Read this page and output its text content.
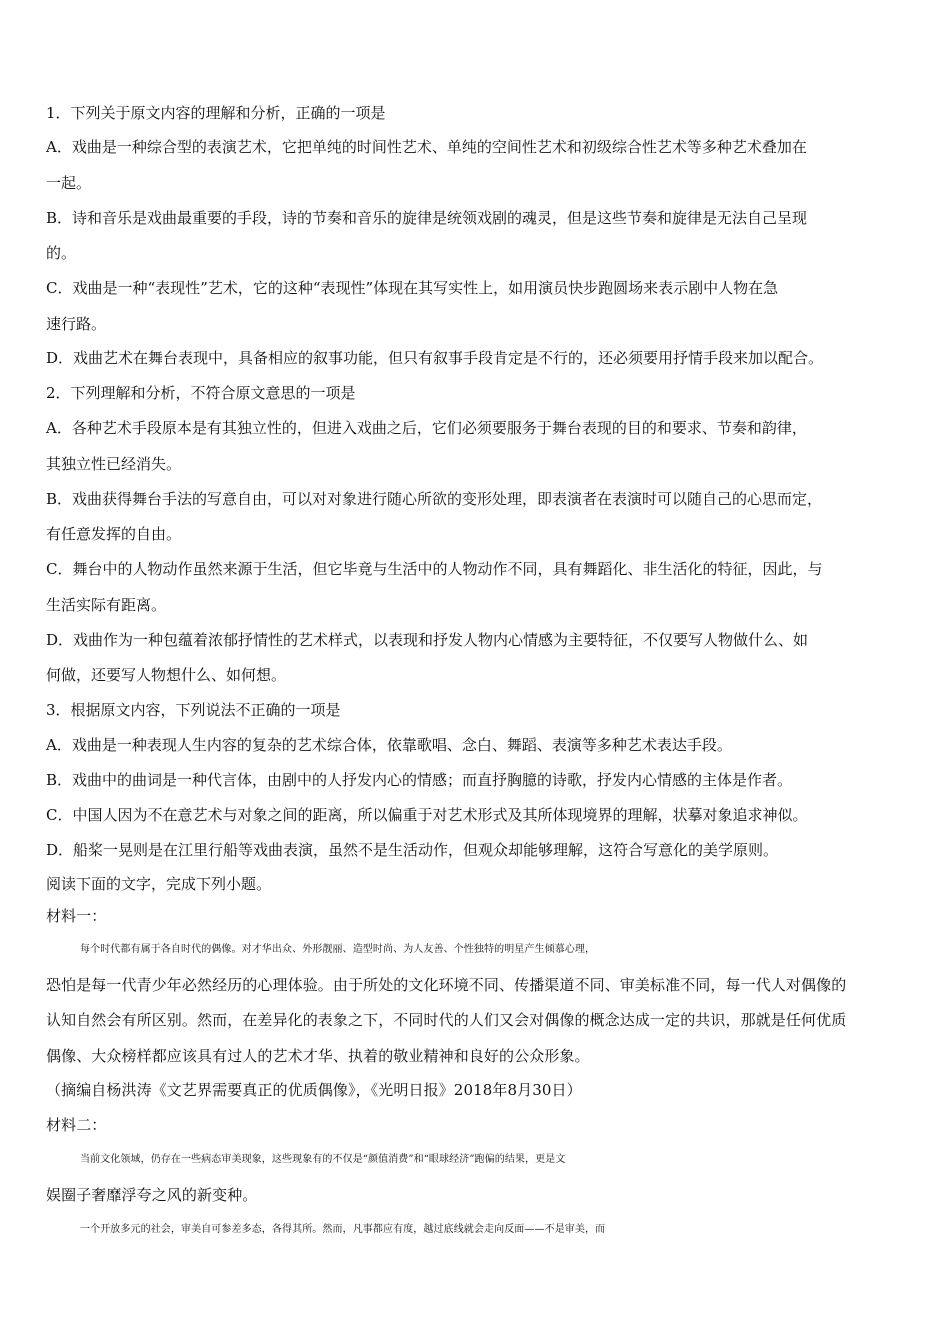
1．下列关于原文内容的理解和分析，正确的一项是
A．戏曲是一种综合型的表演艺术，它把单纯的时间性艺术、单纯的空间性艺术和初级综合性艺术等多种艺术叠加在
一起。
B．诗和音乐是戏曲最重要的手段，诗的节奏和音乐的旋律是统领戏剧的魂灵，但是这些节奏和旋律是无法自己呈现
的。
C．戏曲是一种“表现性”艺术，它的这种“表现性”体现在其写实性上，如用演员快步跑圆场来表示剧中人物在急
速行路。
D．戏曲艺术在舞台表现中，具备相应的叙事功能，但只有叙事手段肯定是不行的，还必须要用抒情手段来加以配合。
2．下列理解和分析，不符合原文意思的一项是
A．各种艺术手段原本是有其独立性的，但进入戏曲之后，它们必须要服务于舞台表现的目的和要求、节奏和韵律，
其独立性已经消失。
B．戏曲获得舞台手法的写意自由，可以对对象进行随心所欲的变形处理，即表演者在表演时可以随自己的心思而定，
有任意发挥的自由。
C．舞台中的人物动作虽然来源于生活，但它毕竟与生活中的人物动作不同，具有舞蹈化、非生活化的特征，因此，与
生活实际有距离。
D．戏曲作为一种包蕴着浓郁抒情性的艺术样式，以表现和抒发人物内心情感为主要特征，不仅要写人物做什么、如
何做，还要写人物想什么、如何想。
3．根据原文内容，下列说法不正确的一项是
A．戏曲是一种表现人生内容的复杂的艺术综合体，依靠歌唱、念白、舞蹈、表演等多种艺术表达手段。
B．戏曲中的曲词是一种代言体，由剧中的人抒发内心的情感；而直抒胸臆的诗歌，抒发内心情感的主体是作者。
C．中国人因为不在意艺术与对象之间的距离，所以偏重于对艺术形式及其所体现境界的理解，状摹对象追求神似。
D．船桨一晃则是在江里行船等戏曲表演，虽然不是生活动作，但观众却能够理解，这符合写意化的美学原则。
阅读下面的文字，完成下列小题。
材料一：
每个时代都有属于各自时代的偶像。对才华出众、外形靓丽、造型时尚、为人友善、个性独特的明星产生倾慕心理，
恐怕是每一代青少年必然经历的心理体验。由于所处的文化环境不同、传播渠道不同、审美标准不同，每一代人对偶像的
认知自然会有所区别。然而，在差异化的表象之下，不同时代的人们又会对偶像的概念达成一定的共识，那就是任何优质
偶像、大众榜样都应该具有过人的艺术才华、执着的敬业精神和良好的公众形象。
（摘编自杨洪涛《文艺界需要真正的优质偶像》，《光明日报》2018年8月30日）
材料二：
当前文化领域，仍存在一些病态审美现象，这些现象有的不仅是“颜值消费”和“眼球经济”跑偏的结果，更是文
娱圈子奢靡浮夸之风的新变种。
一个开放多元的社会，审美自可参差多态，各得其所。然而，凡事都应有度，越过底线就会走向反面——不是审美，而
